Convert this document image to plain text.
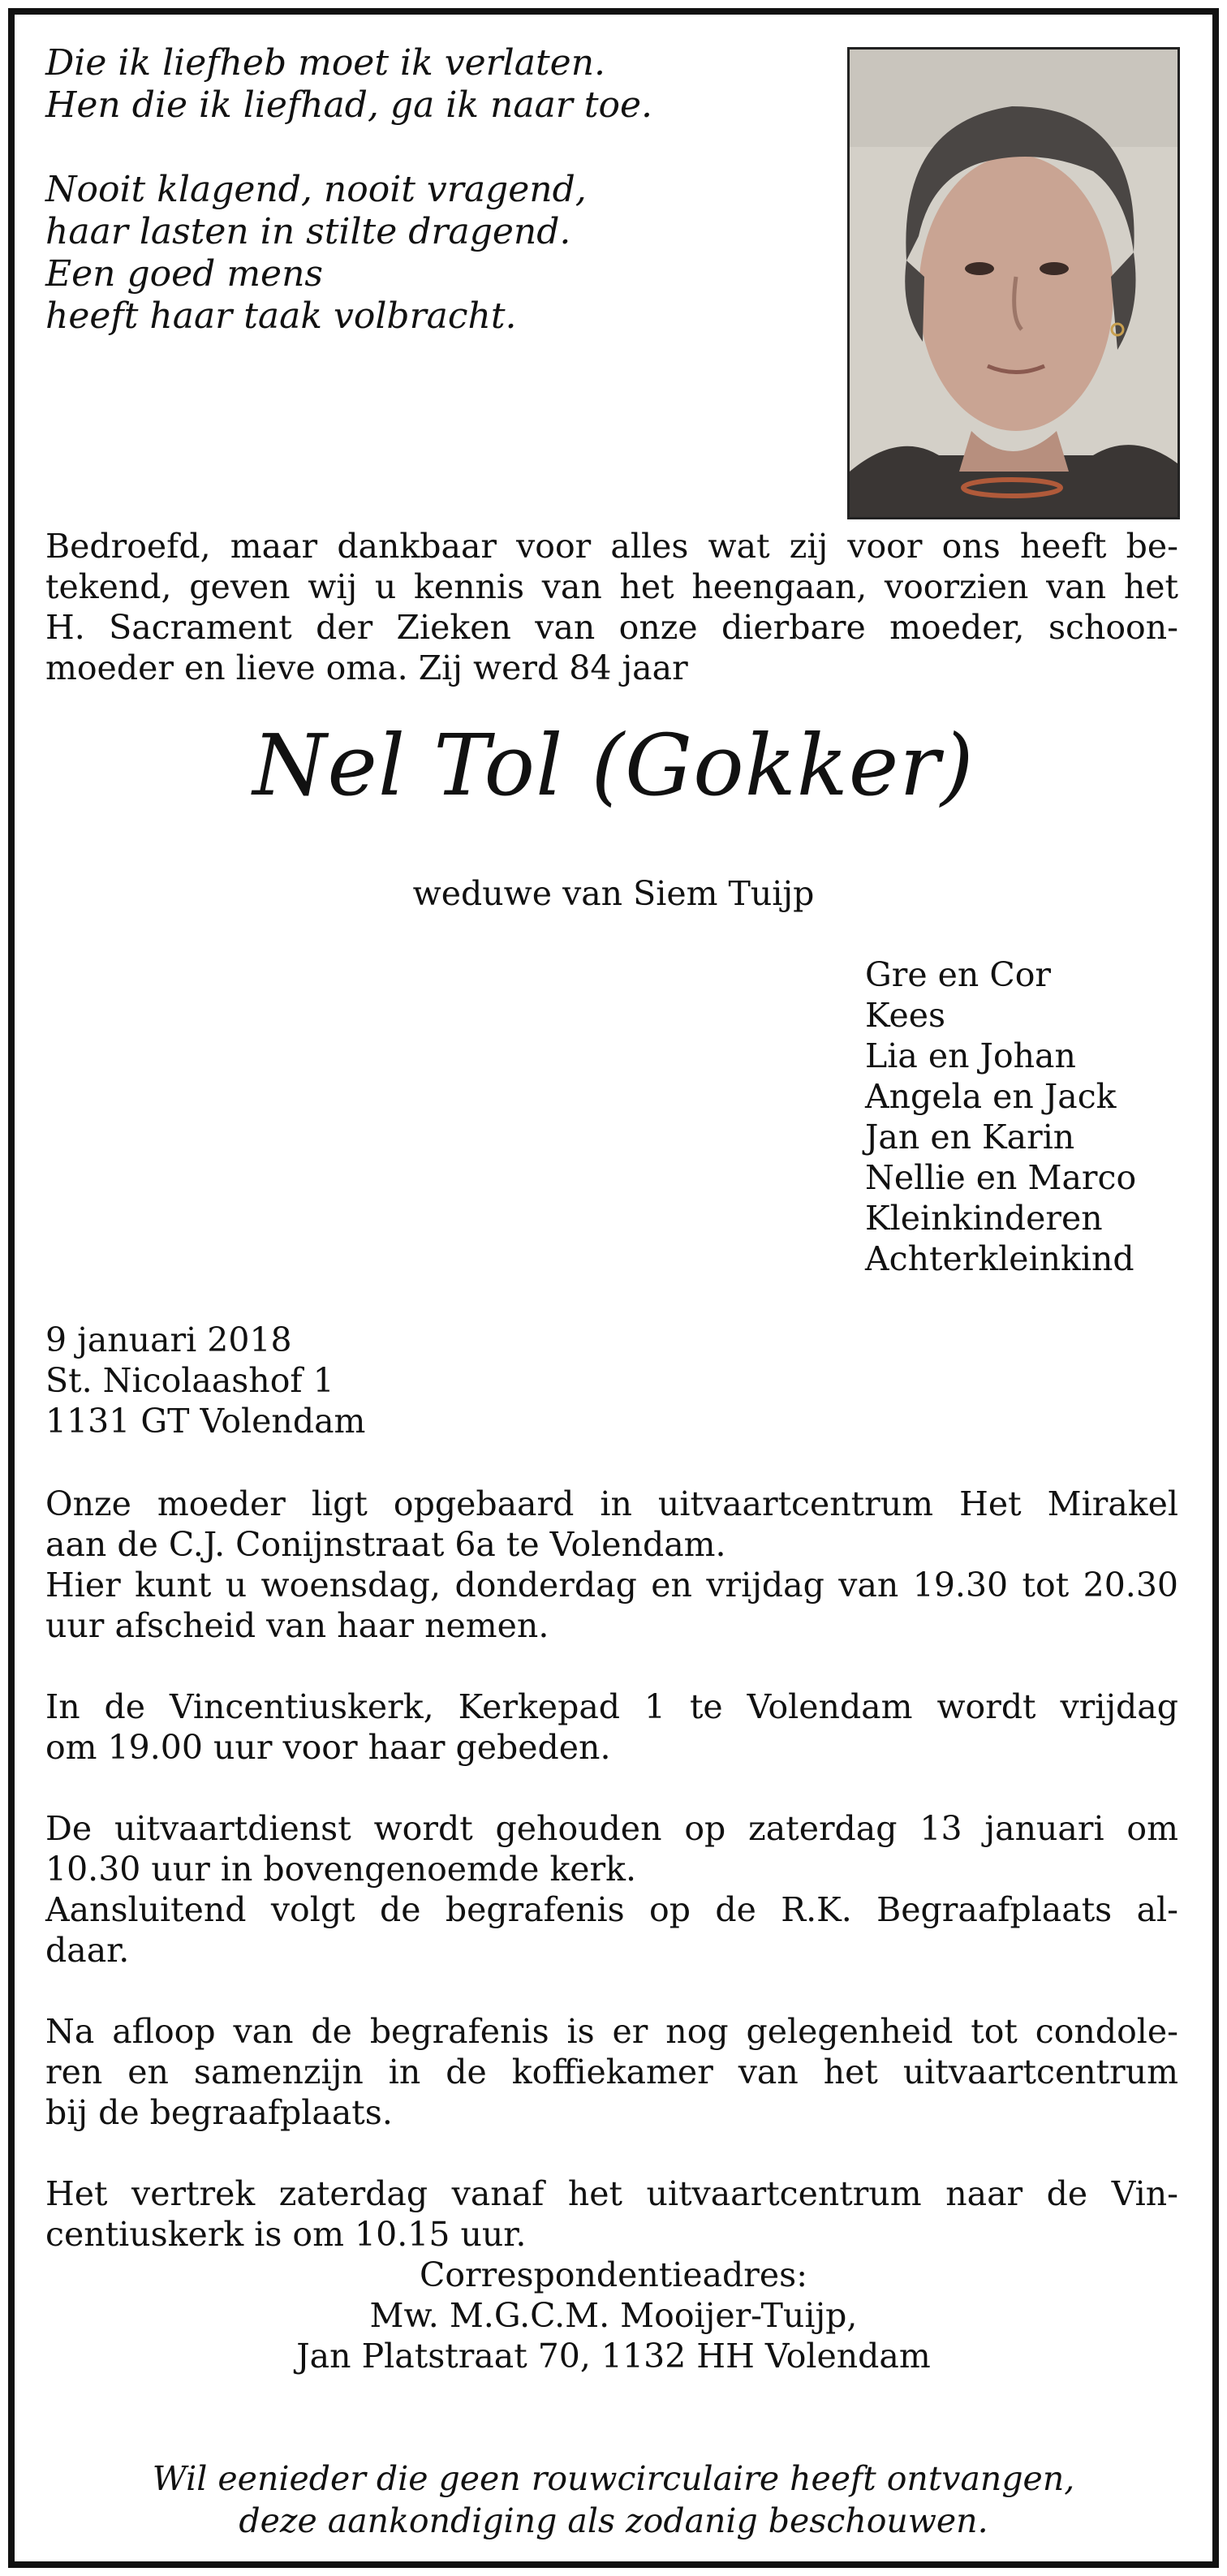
Die ik liefheb moet ik verlaten.
Hen die ik liefhad, ga ik naar toe.
Nooit klagend, nooit vragend,
haar lasten in stilte dragend.
Een goed mens
heeft haar taak volbracht.
Bedroefd, maar dankbaar voor alles wat zij voor ons heeft be-
tekend, geven wij u kennis van het heengaan, voorzien van het
H. Sacrament der Zieken van onze dierbare moeder, schoon-
moeder en lieve oma. Zij werd 84 jaar
Nel Tol (Gokker)
weduwe van Siem Tuijp
Gre en Cor
Kees
Lia en Johan
Angela en Jack
Jan en Karin
Nellie en Marco
Kleinkinderen
Achterkleinkind
9 januari 2018
St. Nicolaashof 1
1131 GT Volendam
Onze moeder ligt opgebaard in uitvaartcentrum Het Mirakel
aan de C.J. Conijnstraat 6a te Volendam.
Hier kunt u woensdag, donderdag en vrijdag van 19.30 tot 20.30
uur afscheid van haar nemen.
In de Vincentiuskerk, Kerkepad 1 te Volendam wordt vrijdag
om 19.00 uur voor haar gebeden.
De uitvaartdienst wordt gehouden op zaterdag 13 januari om
10.30 uur in bovengenoemde kerk.
Aansluitend volgt de begrafenis op de R.K. Begraafplaats al-
daar.
Na afloop van de begrafenis is er nog gelegenheid tot condole-
ren en samenzijn in de koffiekamer van het uitvaartcentrum
bij de begraafplaats.
Het vertrek zaterdag vanaf het uitvaartcentrum naar de Vin-
centiuskerk is om 10.15 uur.
Correspondentieadres:
Mw. M.G.C.M. Mooijer-Tuijp,
Jan Platstraat 70, 1132 HH Volendam
Wil eenieder die geen rouwcirculaire heeft ontvangen,
deze aankondiging als zodanig beschouwen.
